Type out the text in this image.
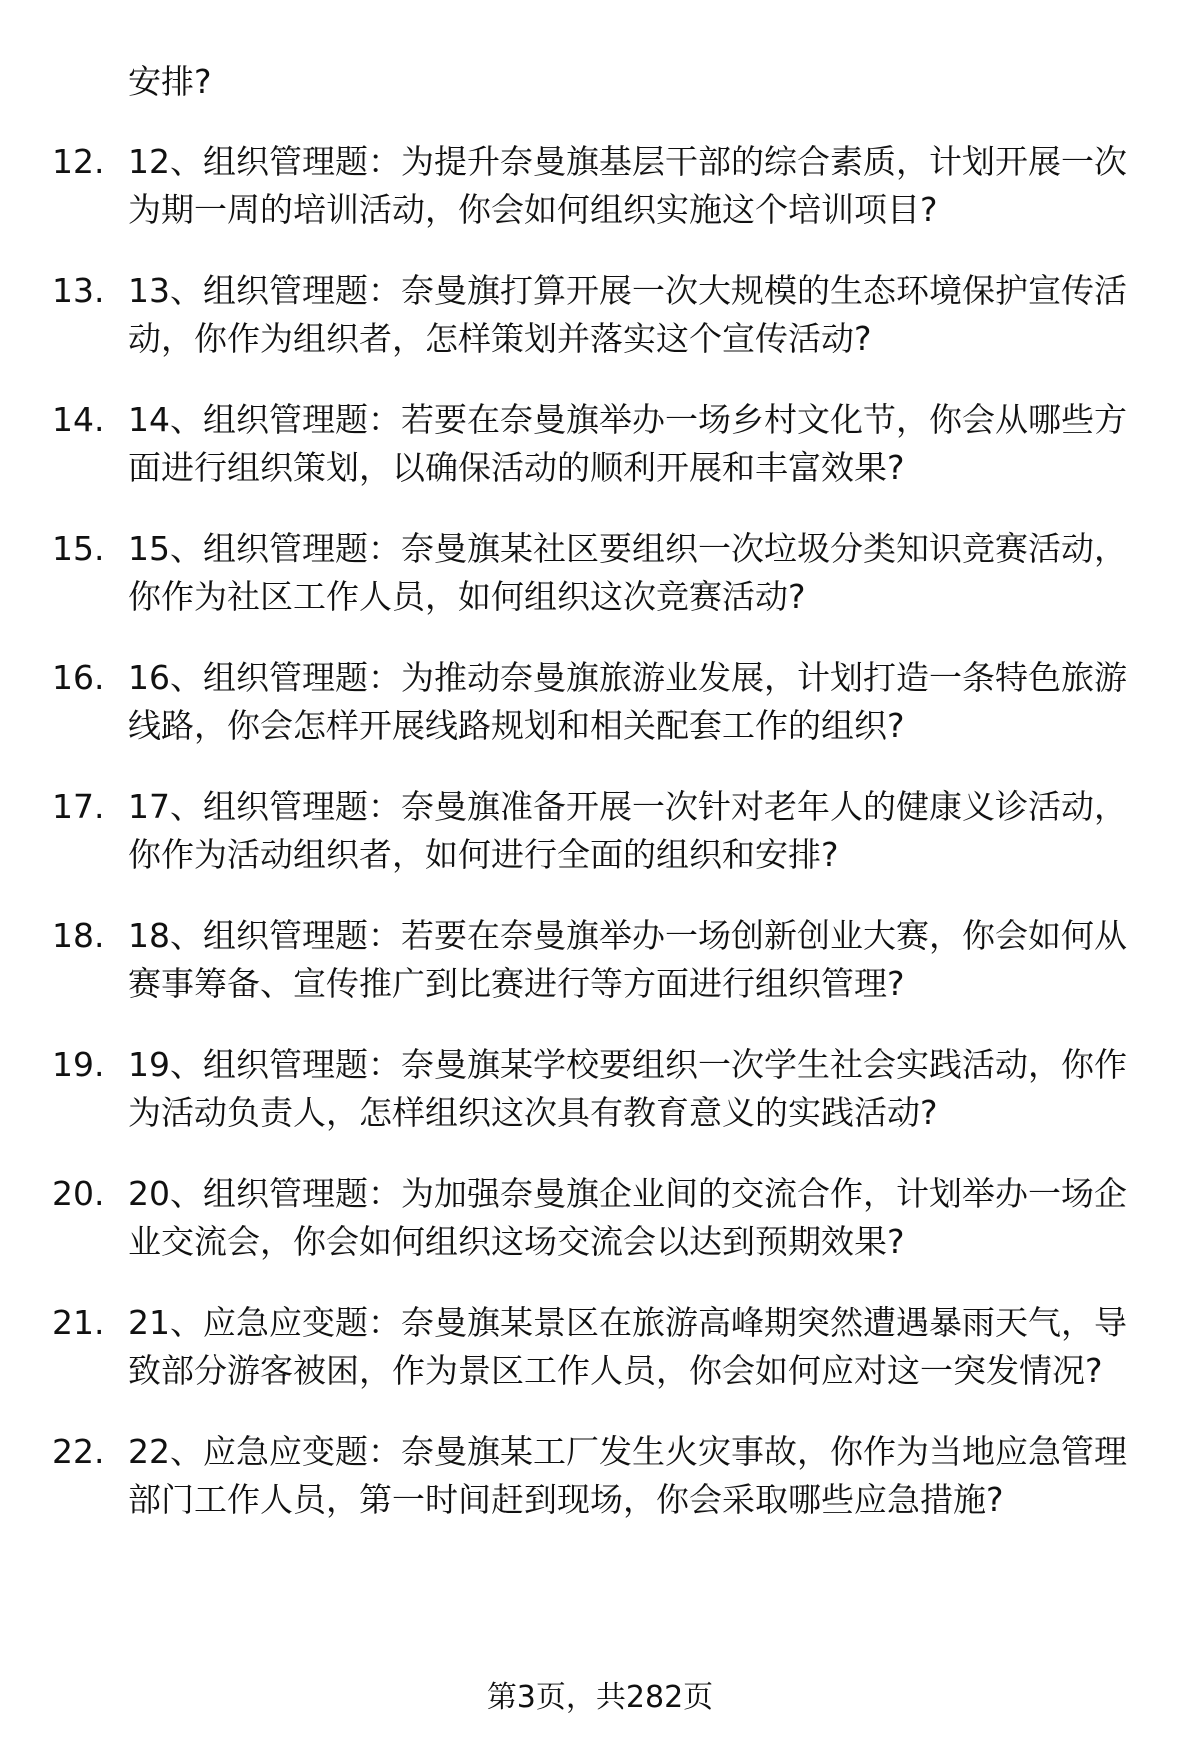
安排?

12. 12、组织管理题：为提升奈曼旗基层干部的综合素质，计划开展一次为期一周的培训活动，你会如何组织实施这个培训项目?

13. 13、组织管理题：奈曼旗打算开展一次大规模的生态环境保护宣传活动，你作为组织者，怎样策划并落实这个宣传活动?

14. 14、组织管理题：若要在奈曼旗举办一场乡村文化节，你会从哪些方面进行组织策划，以确保活动的顺利开展和丰富效果?

15. 15、组织管理题：奈曼旗某社区要组织一次垃圾分类知识竞赛活动，你作为社区工作人员，如何组织这次竞赛活动?

16. 16、组织管理题：为推动奈曼旗旅游业发展，计划打造一条特色旅游线路，你会怎样开展线路规划和相关配套工作的组织?

17. 17、组织管理题：奈曼旗准备开展一次针对老年人的健康义诊活动，你作为活动组织者，如何进行全面的组织和安排?

18. 18、组织管理题：若要在奈曼旗举办一场创新创业大赛，你会如何从赛事筹备、宣传推广到比赛进行等方面进行组织管理?

19. 19、组织管理题：奈曼旗某学校要组织一次学生社会实践活动，你作为活动负责人，怎样组织这次具有教育意义的实践活动?

20. 20、组织管理题：为加强奈曼旗企业间的交流合作，计划举办一场企业交流会，你会如何组织这场交流会以达到预期效果?

21. 21、应急应变题：奈曼旗某景区在旅游高峰期突然遭遇暴雨天气，导致部分游客被困，作为景区工作人员，你会如何应对这一突发情况?

22. 22、应急应变题：奈曼旗某工厂发生火灾事故，你作为当地应急管理部门工作人员，第一时间赶到现场，你会采取哪些应急措施?

第3页，共282页
